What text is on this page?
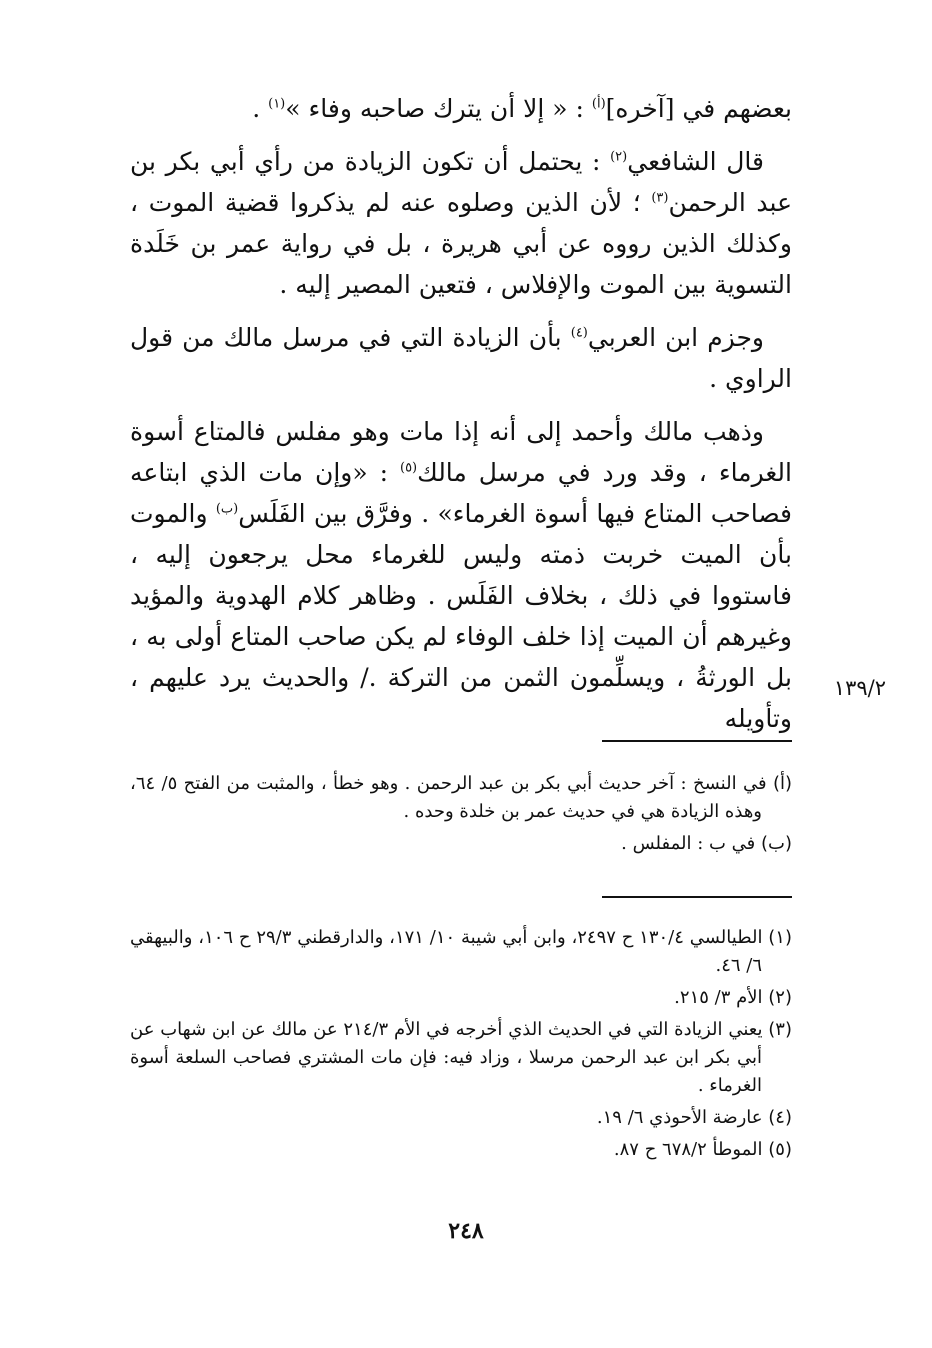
بعضهم في [آخره]$^{(أ)}$ : « إلا أن يترك صاحبه وفاء »$^{(١)}$ .

قال الشافعي$^{(٢)}$ : يحتمل أن تكون الزيادة من رأي أبي بكر بن عبد الرحمن$^{(٣)}$ ؛ لأن الذين وصلوه عنه لم يذكروا قضية الموت ، وكذلك الذين رووه عن أبي هريرة ، بل في رواية عمر بن خَلَدة التسوية بين الموت والإفلاس ، فتعين المصير إليه .

وجزم ابن العربي$^{(٤)}$ بأن الزيادة التي في مرسل مالك من قول الراوي .

وذهب مالك وأحمد إلى أنه إذا مات وهو مفلس فالمتاع أسوة الغرماء ، وقد ورد في مرسل مالك$^{(٥)}$ : «وإن مات الذي ابتاعه فصاحب المتاع فيها أسوة الغرماء» . وفرَّق بين الفَلَس$^{(ب)}$ والموت بأن الميت خربت ذمته وليس للغرماء محل يرجعون إليه ، فاستووا في ذلك ، بخلاف الفَلَس . وظاهر كلام الهدوية والمؤيد وغيرهم أن الميت إذا خلف الوفاء لم يكن صاحب المتاع أولى به ، بل الورثةُ ، ويسلِّمون الثمن من التركة ./ والحديث يرد عليهم ، وتأويله

١٣٩/٢
(أ) في النسخ : آخر حديث أبي بكر بن عبد الرحمن . وهو خطأ ، والمثبت من الفتح ٥/ ٦٤، وهذه الزيادة هي في حديث عمر بن خلدة وحده .
(ب) في ب : المفلس .
(١) الطيالسي ١٣٠/٤ ح ٢٤٩٧، وابن أبي شيبة ١٠/ ١٧١، والدارقطني ٢٩/٣ ح ١٠٦، والبيهقي ٦/ ٤٦.
(٢) الأم ٣/ ٢١٥.
(٣) يعني الزيادة التي في الحديث الذي أخرجه في الأم ٢١٤/٣ عن مالك عن ابن شهاب عن أبي بكر ابن عبد الرحمن مرسلا ، وزاد فيه: فإن مات المشتري فصاحب السلعة أسوة الغرماء .
(٤) عارضة الأحوذي ٦/ ١٩.
(٥) الموطأ ٦٧٨/٢ ح ٨٧.
٢٤٨
